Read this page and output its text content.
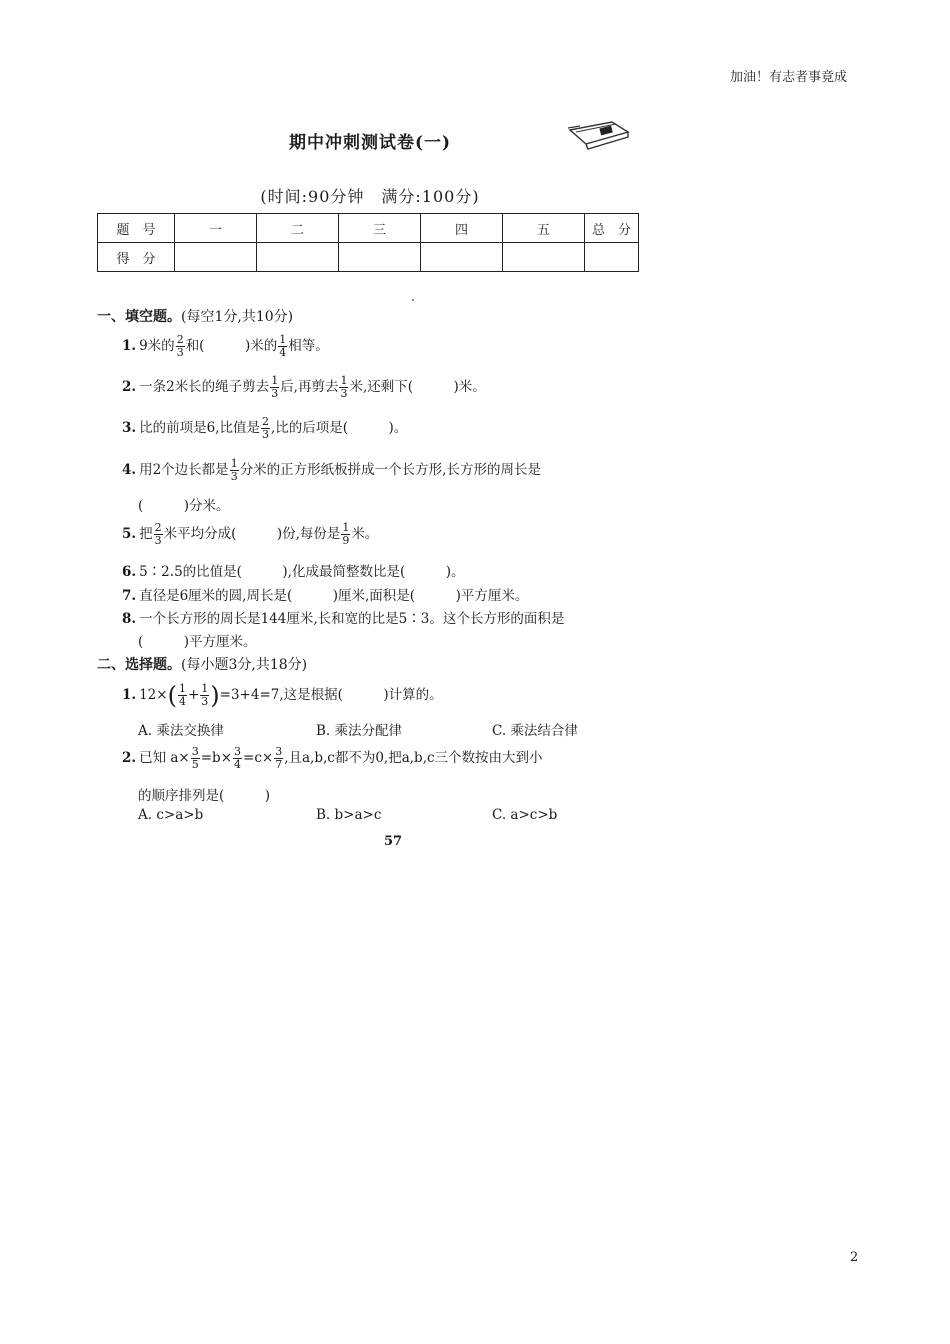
加油！有志者事竟成
期中冲刺测试卷(一)
(时间:90分钟　满分:100分)
题　号	一	二	三	四	五	总　分
得　分						
一、填空题。(每空1分,共10分)
1. 9米的 $\frac{2}{3}$ 和(　　　)米的 $\frac{1}{4}$ 相等。
2. 一条2米长的绳子剪去 $\frac{1}{3}$ 后,再剪去 $\frac{1}{3}$ 米,还剩下(　　　)米。
3. 比的前项是6,比值是 $\frac{2}{3}$ ,比的后项是(　　　)。
4. 用2个边长都是 $\frac{1}{3}$ 分米的正方形纸板拼成一个长方形,长方形的周长是
(　　　)分米。
5. 把 $\frac{2}{3}$ 米平均分成(　　　)份,每份是 $\frac{1}{9}$ 米。
6. 5∶2.5的比值是(　　　),化成最简整数比是(　　　)。
7. 直径是6厘米的圆,周长是(　　　)厘米,面积是(　　　)平方厘米。
8. 一个长方形的周长是144厘米,长和宽的比是5∶3。这个长方形的面积是
(　　　)平方厘米。
二、选择题。(每小题3分,共18分)
1. $12\times( \frac{1}{4} + \frac{1}{3} )=3+4=7$,这是根据(　　　)计算的。
A. 乘法交换律	B. 乘法分配律	C. 乘法结合律
2. 已知 $a\times \frac{3}{5} =b\times \frac{3}{4} =c\times \frac{3}{7}$ ,且a,b,c都不为0,把a,b,c三个数按由大到小
的顺序排列是(　　　)
A. c>a>b	B. b>a>c	C. a>c>b
57
2
